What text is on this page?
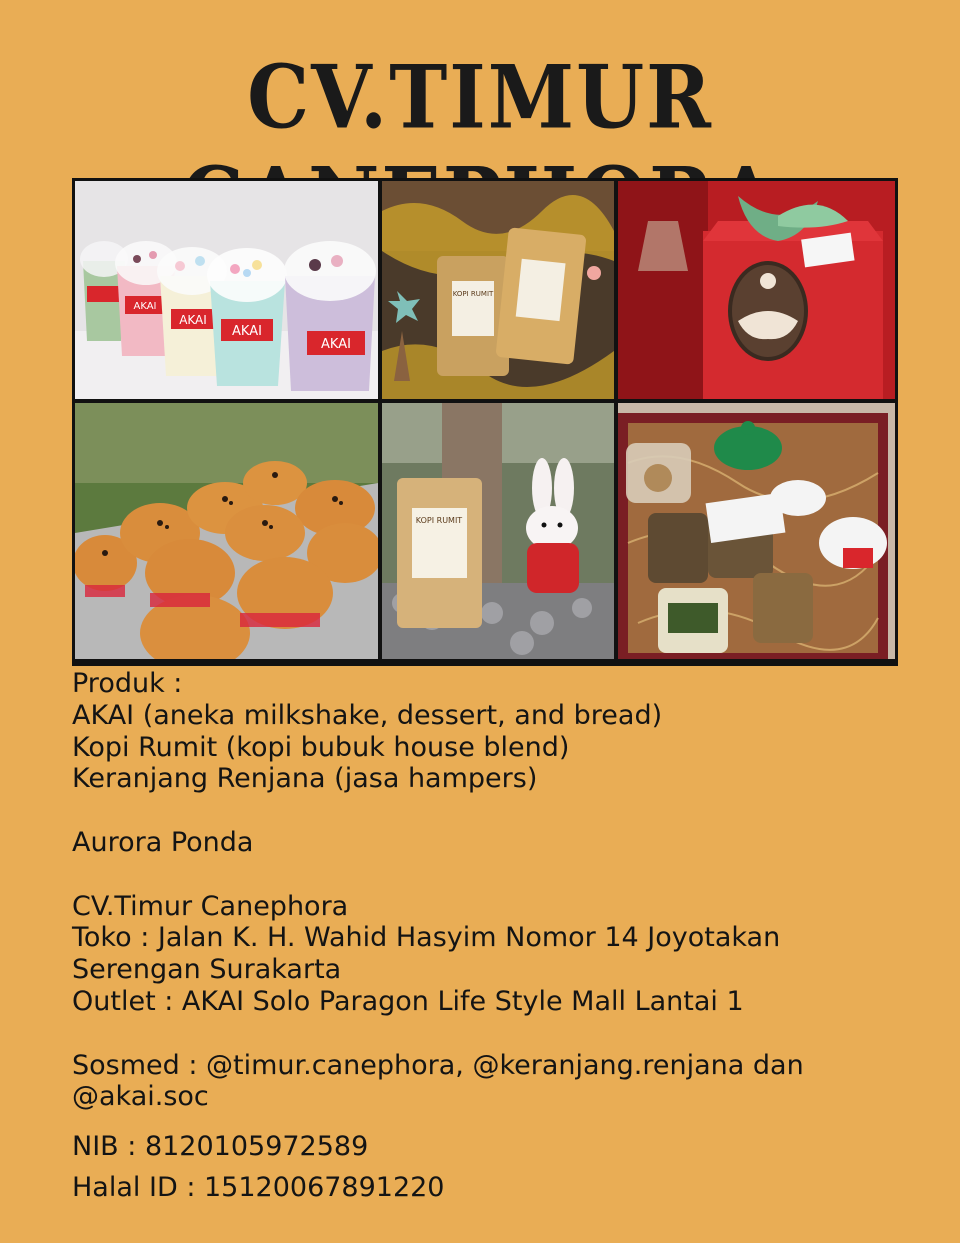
CV.TIMUR
AKAI
AKAI
AKAI
AKAI
KOPI RUMIT
KOPI RUMIT
Produk :
AKAI (aneka milkshake, dessert, and bread)
Kopi Rumit (kopi bubuk house blend)
Keranjang Renjana (jasa hampers)
Aurora Ponda
CV.Timur Canephora
Toko : Jalan K. H. Wahid Hasyim Nomor 14 Joyotakan
Serengan Surakarta
Outlet : AKAI Solo Paragon Life Style Mall Lantai 1
Sosmed : @timur.canephora, @keranjang.renjana dan
@akai.soc
NIB : 8120105972589
Halal ID : 15120067891220
